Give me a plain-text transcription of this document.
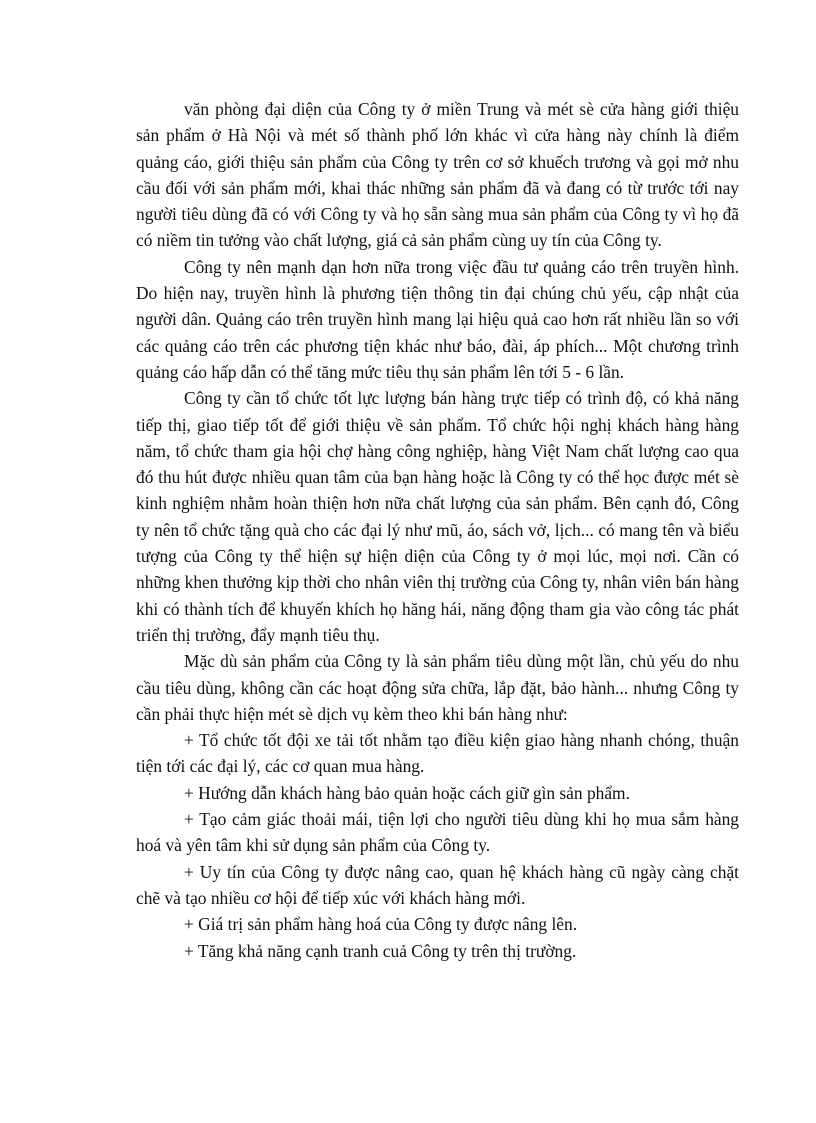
văn phòng đại diện của Công ty ở miền Trung và mét sè cửa hàng giới thiệu sản phẩm ở Hà Nội và mét số thành phố lớn khác vì cửa hàng này chính là điểm quảng cáo, giới thiệu sản phẩm của Công ty trên cơ sở khuếch trương và gọi mở nhu cầu đối với sản phẩm mới, khai thác những sản phẩm đã và đang có từ trước tới nay người tiêu dùng đã có với Công ty và họ sẵn sàng mua sản phẩm của Công ty vì họ đã có niềm tin tưởng vào chất lượng, giá cả sản phẩm cùng uy tín của Công ty.

Công ty nên mạnh dạn hơn nữa trong việc đầu tư quảng cáo trên truyền hình. Do hiện nay, truyền hình là phương tiện thông tin đại chúng chủ yếu, cập nhật của người dân. Quảng cáo trên truyền hình mang lại hiệu quả cao hơn rất nhiều lần so với các quảng cáo trên các phương tiện khác như báo, đài, áp phích... Một chương trình quảng cáo hấp dẫn có thể tăng mức tiêu thụ sản phẩm lên tới 5 - 6 lần.

Công ty cần tổ chức tốt lực lượng bán hàng trực tiếp có trình độ, có khả năng tiếp thị, giao tiếp tốt để giới thiệu về sản phẩm. Tổ chức hội nghị khách hàng hàng năm, tổ chức tham gia hội chợ hàng công nghiệp, hàng Việt Nam chất lượng cao qua đó thu hút được nhiều quan tâm của bạn hàng hoặc là Công ty có thể học được mét sè kinh nghiệm nhằm hoàn thiện hơn nữa chất lượng của sản phẩm. Bên cạnh đó, Công ty nên tổ chức tặng quà cho các đại lý như mũ, áo, sách vở, lịch... có mang tên và biểu tượng của Công ty thể hiện sự hiện diện của Công ty ở mọi lúc, mọi nơi. Cần có những khen thưởng kịp thời cho nhân viên thị trường của Công ty, nhân viên bán hàng khi có thành tích để khuyến khích họ hăng hái, năng động tham gia vào công tác phát triển thị trường, đẩy mạnh tiêu thụ.

Mặc dù sản phẩm của Công ty là sản phẩm tiêu dùng một lần, chủ yếu do nhu cầu tiêu dùng, không cần các hoạt động sửa chữa, lắp đặt, bảo hành... nhưng Công ty cần phải thực hiện mét sè dịch vụ kèm theo khi bán hàng như:

+ Tổ chức tốt đội xe tải tốt nhằm tạo điều kiện giao hàng nhanh chóng, thuận tiện tới các đại lý, các cơ quan mua hàng.

+ Hướng dẫn khách hàng bảo quản hoặc cách giữ gìn sản phẩm.

+ Tạo cảm giác thoải mái, tiện lợi cho người tiêu dùng khi họ mua sắm hàng hoá và yên tâm khi sử dụng sản phẩm của Công ty.

+ Uy tín của Công ty được nâng cao, quan hệ khách hàng cũ ngày càng chặt chẽ và tạo nhiều cơ hội để tiếp xúc với khách hàng mới.

+ Giá trị sản phẩm hàng hoá của Công ty được nâng lên.

+ Tăng khả năng cạnh tranh cuả Công ty trên thị trường.
